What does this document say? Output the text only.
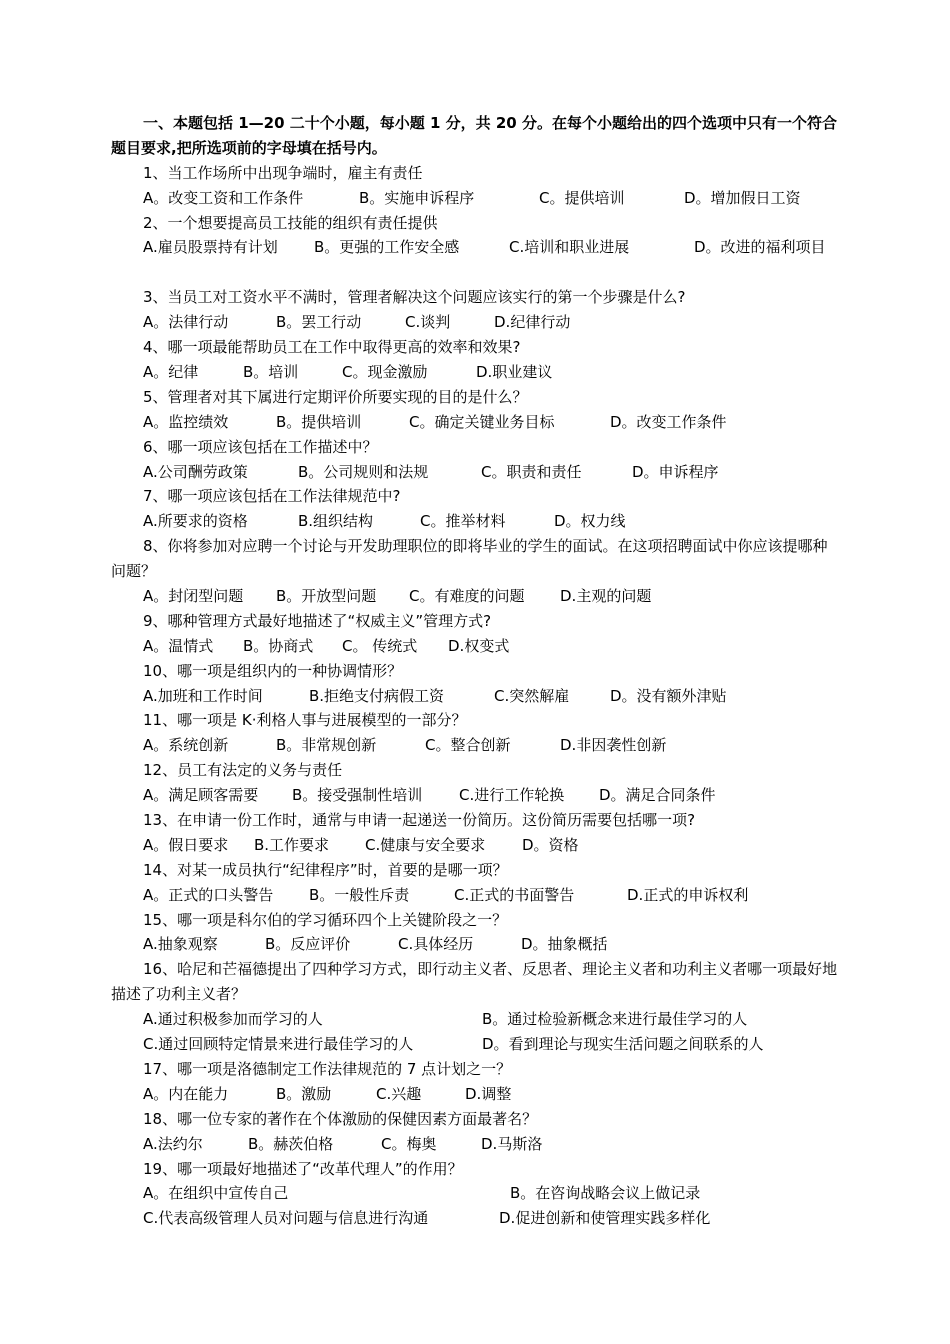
一、本题包括 1—20 二十个小题，每小题 1 分，共 20 分。在每个小题给出的四个选项中只有一个符合题目要求,把所选项前的字母填在括号内。
1、当工作场所中出现争端时，雇主有责任
A。改变工资和工作条件	B。实施申诉程序	C。提供培训	D。增加假日工资
2、一个想要提高员工技能的组织有责任提供
A.雇员股票持有计划 B。更强的工作安全感	C.培训和职业进展	D。改进的福利项目
3、当员工对工资水平不满时，管理者解决这个问题应该实行的第一个步骤是什么?
A。法律行动	B。罢工行动	C.谈判	D.纪律行动
4、哪一项最能帮助员工在工作中取得更高的效率和效果?
A。纪律	B。培训	C。现金激励	D.职业建议
5、管理者对其下属进行定期评价所要实现的目的是什么？
A。监控绩效	B。提供培训	C。确定关键业务目标	D。改变工作条件
6、哪一项应该包括在工作描述中？
A.公司酬劳政策	B。公司规则和法规	C。职责和责任	D。申诉程序
7、哪一项应该包括在工作法律规范中?
A.所要求的资格	B.组织结构	C。推举材料	D。权力线
8、你将参加对应聘一个讨论与开发助理职位的即将毕业的学生的面试。在这项招聘面试中你应该提哪种问题？
A。封闭型问题 B。开放型问题 C。有难度的问题 D.主观的问题
9、哪种管理方式最好地描述了“权威主义”管理方式?
A。温情式 B。协商式 C。 传统式 D.权变式
10、哪一项是组织内的一种协调情形？
A.加班和工作时间	B.拒绝支付病假工资	C.突然解雇	D。没有额外津贴
11、哪一项是 K·利格人事与进展模型的一部分？
A。系统创新	B。非常规创新	C。整合创新	D.非因袭性创新
12、员工有法定的义务与责任
A。满足顾客需要 B。接受强制性培训 C.进行工作轮换 D。满足合同条件
13、在申请一份工作时，通常与申请一起递送一份简历。这份简历需要包括哪一项?
A。假日要求 B.工作要求 C.健康与安全要求 D。资格
14、对某一成员执行“纪律程序”时，首要的是哪一项？
A。正式的口头警告 B。一般性斥责	C.正式的书面警告	D.正式的申诉权利
15、哪一项是科尔伯的学习循环四个上关键阶段之一？
A.抽象观察	B。反应评价	C.具体经历	D。抽象概括
16、哈尼和芒福德提出了四种学习方式，即行动主义者、反思者、理论主义者和功利主义者哪一项最好地描述了功利主义者？
A.通过积极参加而学习的人	B。通过检验新概念来进行最佳学习的人
C.通过回顾特定情景来进行最佳学习的人	D。看到理论与现实生活问题之间联系的人
17、哪一项是洛德制定工作法律规范的 7 点计划之一？
A。内在能力	B。激励	C.兴趣	D.调整
18、哪一位专家的著作在个体激励的保健因素方面最著名？
A.法约尔	B。赫茨伯格	C。梅奥	D.马斯洛
19、哪一项最好地描述了“改革代理人”的作用？
A。在组织中宣传自己	B。在咨询战略会议上做记录
C.代表高级管理人员对问题与信息进行沟通	D.促进创新和使管理实践多样化
